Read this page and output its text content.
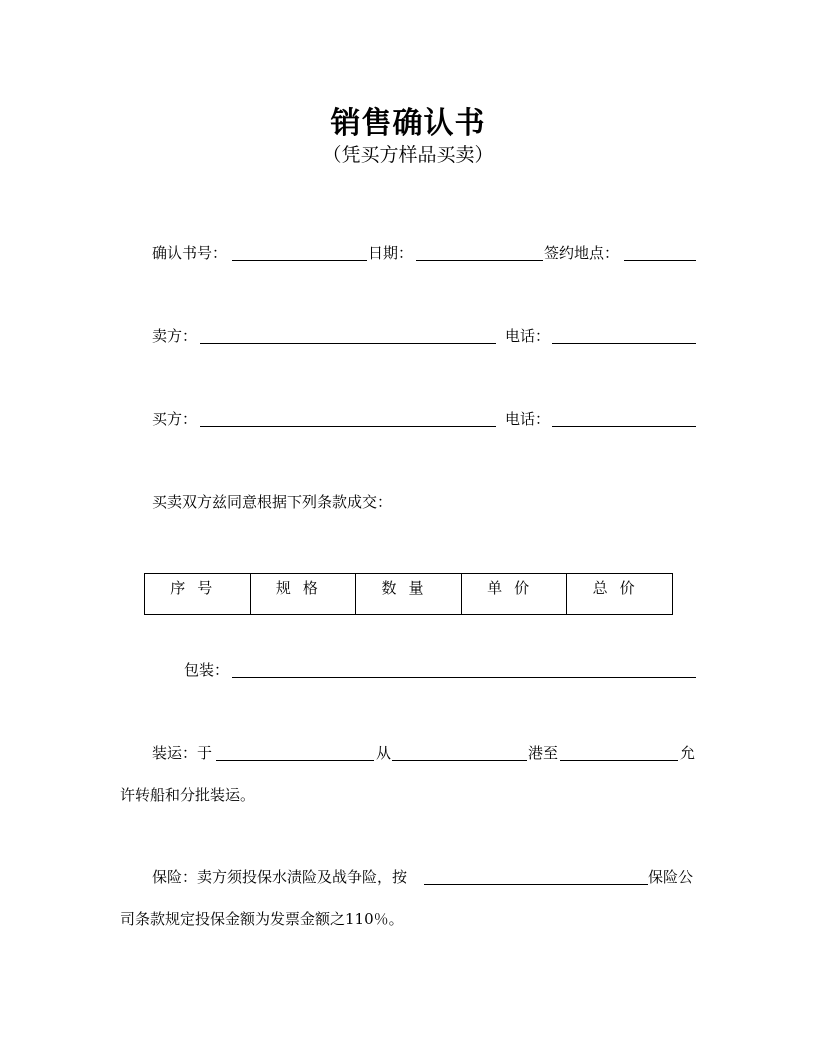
销售确认书
（凭买方样品买卖）
确认书号：	日期：	签约地点：
卖方：	电话：
买方：	电话：
买卖双方兹同意根据下列条款成交：
序号	规格	数量	单价	总价
包装：
装运：于	从	港至	允
许转船和分批装运。
保险：卖方须投保水渍险及战争险，按	保险公
司条款规定投保金额为发票金额之110％。
